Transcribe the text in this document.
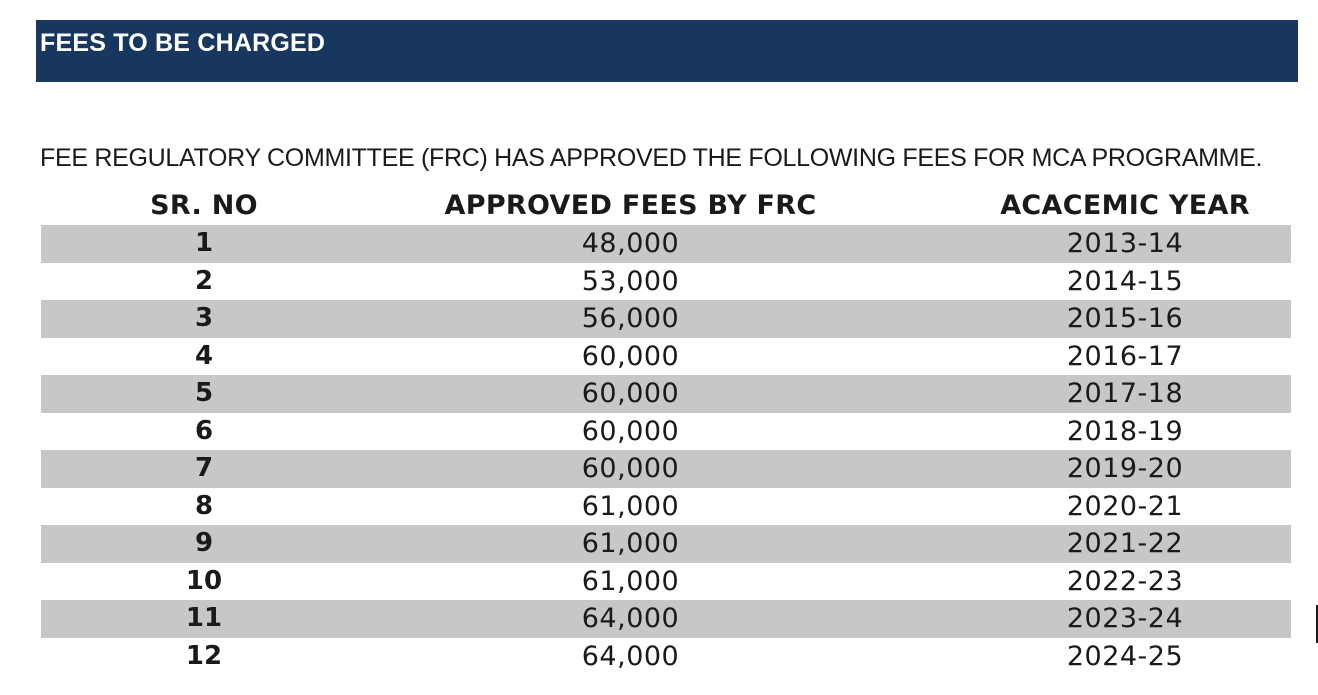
FEES TO BE CHARGED
FEE REGULATORY COMMITTEE (FRC) HAS APPROVED THE FOLLOWING FEES FOR MCA PROGRAMME.
SR. NO	APPROVED FEES BY FRC	ACACEMIC YEAR
1	48,000	2013-14
2	53,000	2014-15
3	56,000	2015-16
4	60,000	2016-17
5	60,000	2017-18
6	60,000	2018-19
7	60,000	2019-20
8	61,000	2020-21
9	61,000	2021-22
10	61,000	2022-23
11	64,000	2023-24
12	64,000	2024-25
